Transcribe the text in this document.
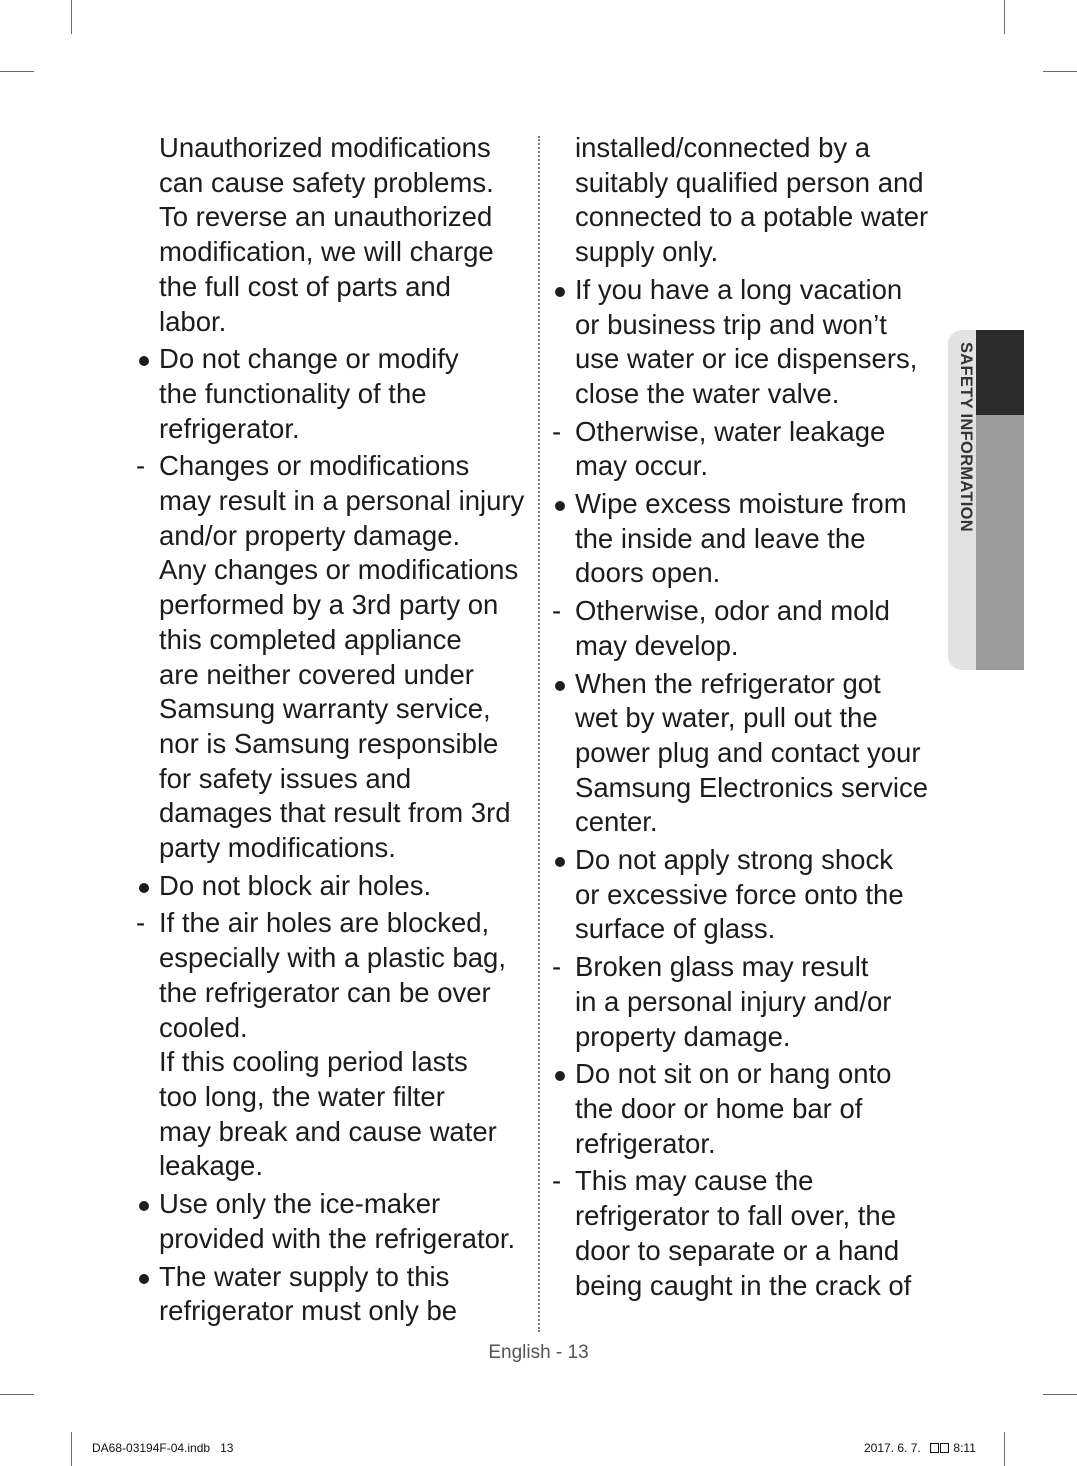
Unauthorized modifications
can cause safety problems.
To reverse an unauthorized
modification, we will charge
the full cost of parts and
labor.
Do not change or modify
the functionality of the
refrigerator.
- Changes or modifications
may result in a personal injury
and/or property damage.
Any changes or modifications
performed by a 3rd party on
this completed appliance
are neither covered under
Samsung warranty service,
nor is Samsung responsible
for safety issues and
damages that result from 3rd
party modifications.
Do not block air holes.
- If the air holes are blocked,
especially with a plastic bag,
the refrigerator can be over
cooled.
If this cooling period lasts
too long, the water filter
may break and cause water
leakage.
Use only the ice-maker
provided with the refrigerator.
The water supply to this
refrigerator must only be
installed/connected by a
suitably qualified person and
connected to a potable water
supply only.
If you have a long vacation
or business trip and won’t
use water or ice dispensers,
close the water valve.
- Otherwise, water leakage
may occur.
Wipe excess moisture from
the inside and leave the
doors open.
- Otherwise, odor and mold
may develop.
When the refrigerator got
wet by water, pull out the
power plug and contact your
Samsung Electronics service
center.
Do not apply strong shock
or excessive force onto the
surface of glass.
- Broken glass may result
in a personal injury and/or
property damage.
Do not sit on or hang onto
the door or home bar of
refrigerator.
- This may cause the
refrigerator to fall over, the
door to separate or a hand
being caught in the crack of
SAFETY INFORMATION
English - 13
DA68-03194F-04.indb   13	2017. 6. 7.	8:11
